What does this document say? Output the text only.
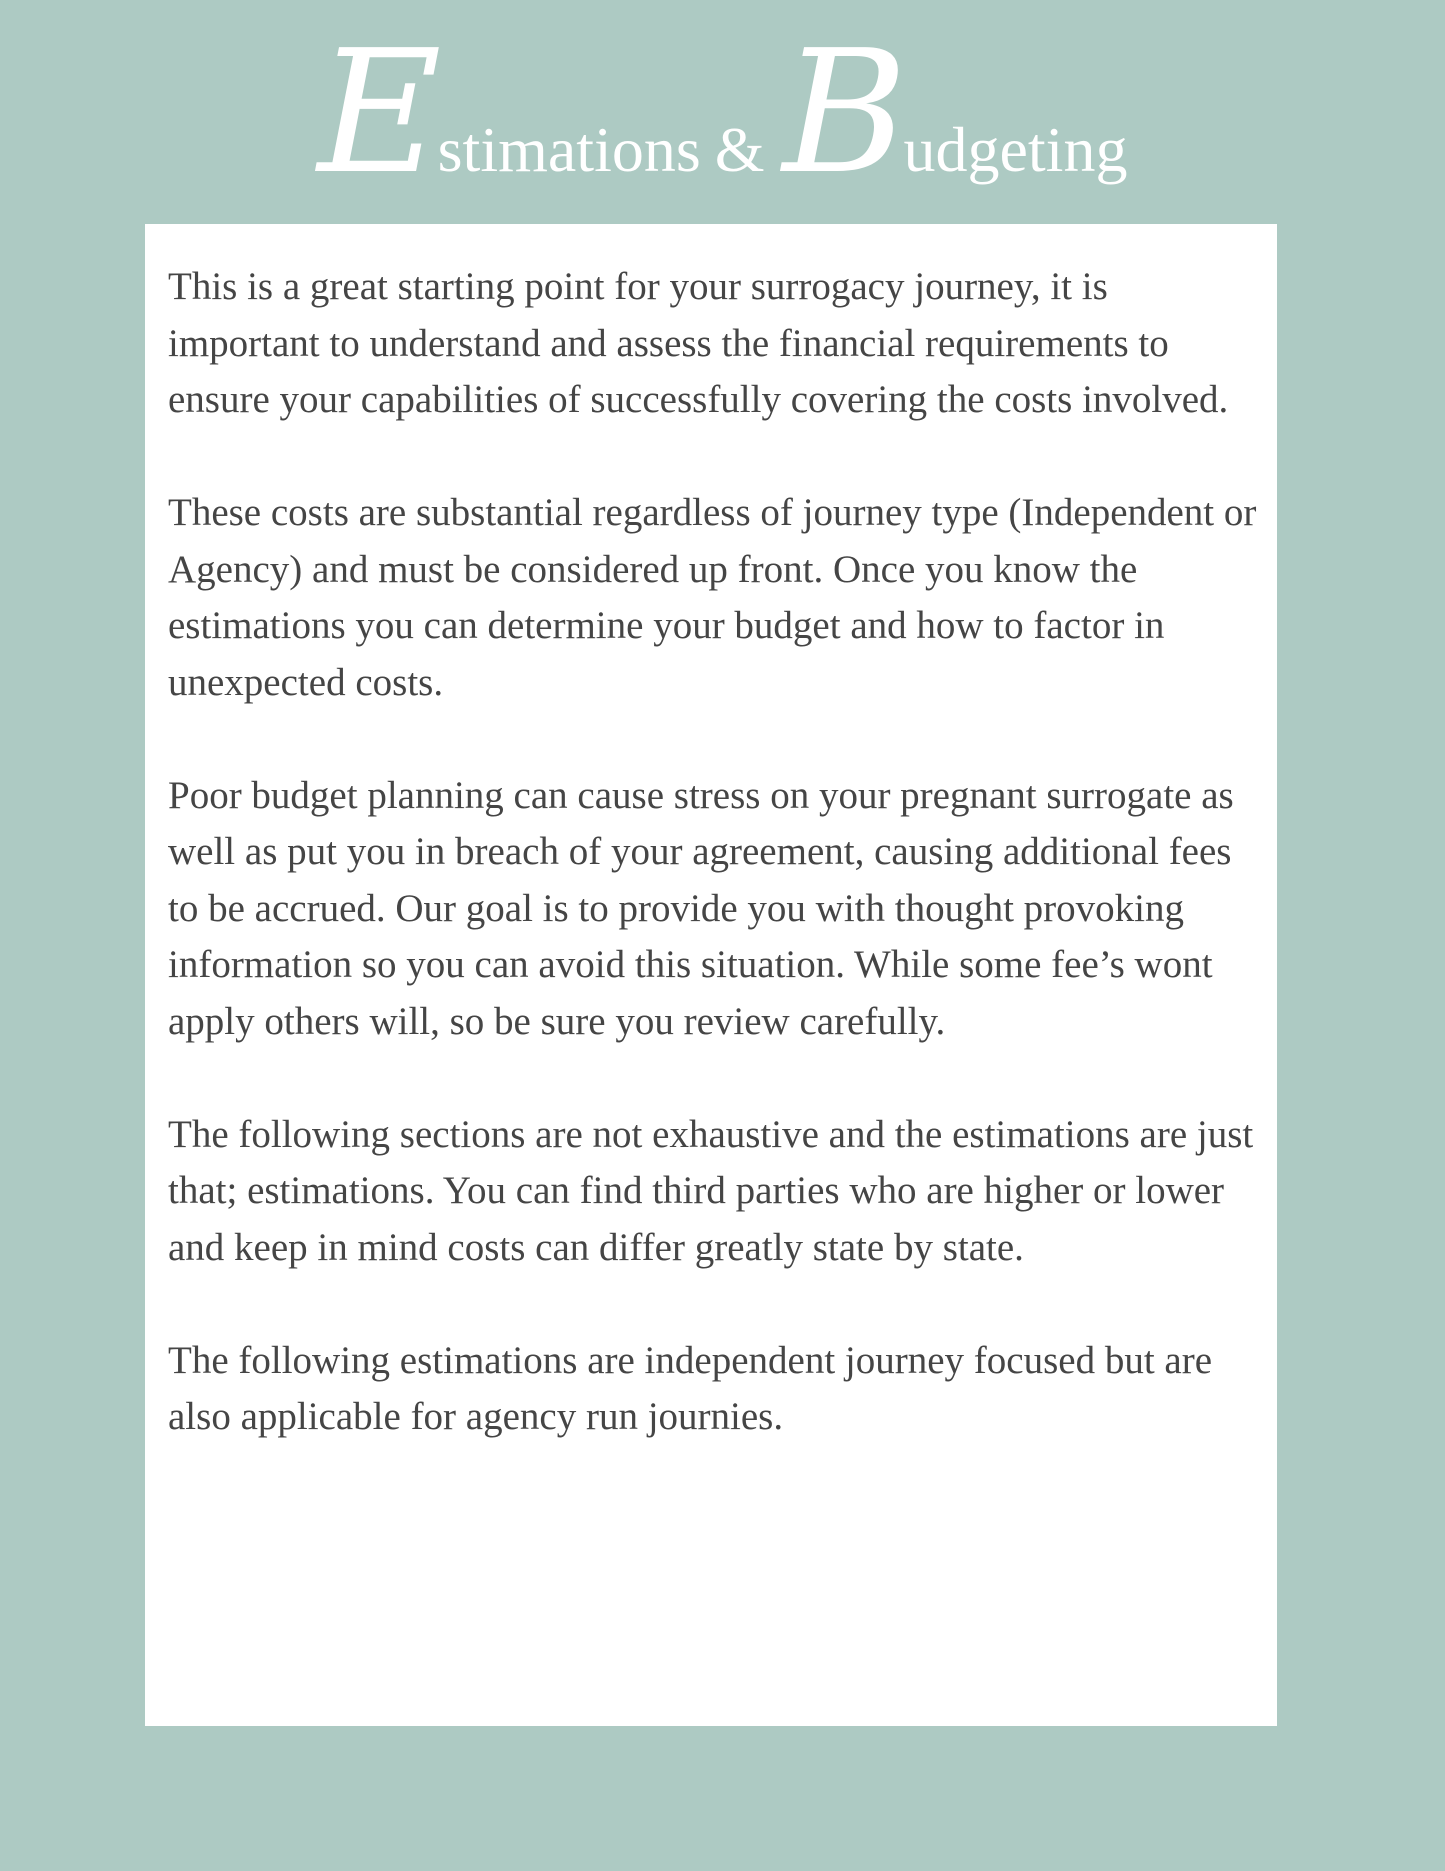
Estimations & Budgeting

This is a great starting point for your surrogacy journey, it is important to understand and assess the financial requirements to ensure your capabilities of successfully covering the costs involved.

These costs are substantial regardless of journey type (Independent or Agency) and must be considered up front. Once you know the estimations you can determine your budget and how to factor in unexpected costs.

Poor budget planning can cause stress on your pregnant surrogate as well as put you in breach of your agreement, causing additional fees to be accrued. Our goal is to provide you with thought provoking information so you can avoid this situation. While some fee’s wont apply others will, so be sure you review carefully.

The following sections are not exhaustive and the estimations are just that; estimations. You can find third parties who are higher or lower and keep in mind costs can differ greatly state by state.

The following estimations are independent journey focused but are also applicable for agency run journies.
